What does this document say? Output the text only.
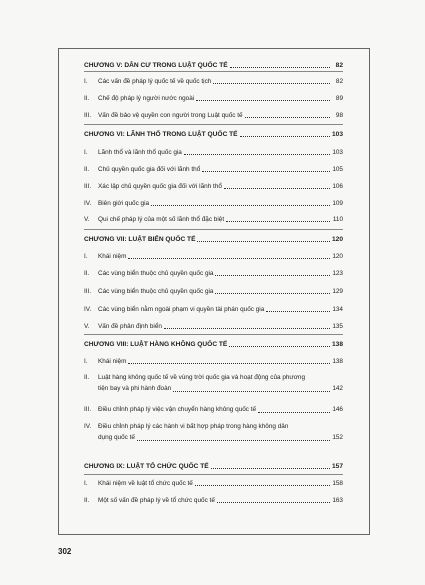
CHƯƠNG V: DÂN CƯ TRONG LUẬT QUỐC TẾ	82
I.	Các vấn đề pháp lý quốc tế về quốc tịch	82
II.	Chế độ pháp lý người nước ngoài	89
III.	Vấn đề bảo vệ quyền con người trong Luật quốc tế	98
CHƯƠNG VI: LÃNH THỔ TRONG LUẬT QUỐC TẾ	103
I.	Lãnh thổ và lãnh thổ quốc gia	103
II.	Chủ quyền quốc gia đối với lãnh thổ	105
III.	Xác lập chủ quyền quốc gia đối với lãnh thổ	106
IV.	Biên giới quốc gia	109
V.	Qui chế pháp lý của một số lãnh thổ đặc biệt	110
CHƯƠNG VII: LUẬT BIỂN QUỐC TẾ	120
I.	Khái niệm	120
II.	Các vùng biển thuộc chủ quyền quốc gia	123
III.	Các vùng biển thuộc chủ quyền quốc gia	129
IV.	Các vùng biển nằm ngoài phạm vi quyền tài phán quốc gia	134
V.	Vấn đề phân định biển	135
CHƯƠNG VIII: LUẬT HÀNG KHÔNG QUỐC TẾ	138
I.	Khái niệm	138
II.	Luật hàng không quốc tế về vùng trời quốc gia và hoạt động của phương
tiện bay và phi hành đoàn	142
III.	Điều chỉnh pháp lý việc vận chuyển hàng không quốc tế	146
IV.	Điều chỉnh pháp lý các hành vi bất hợp pháp trong hàng không dân
dụng quốc tế	152
CHƯƠNG IX: LUẬT TỔ CHỨC QUỐC TẾ	157
I.	Khái niệm về luật tổ chức quốc tế	158
II.	Một số vấn đề pháp lý về tổ chức quốc tế	163
302
